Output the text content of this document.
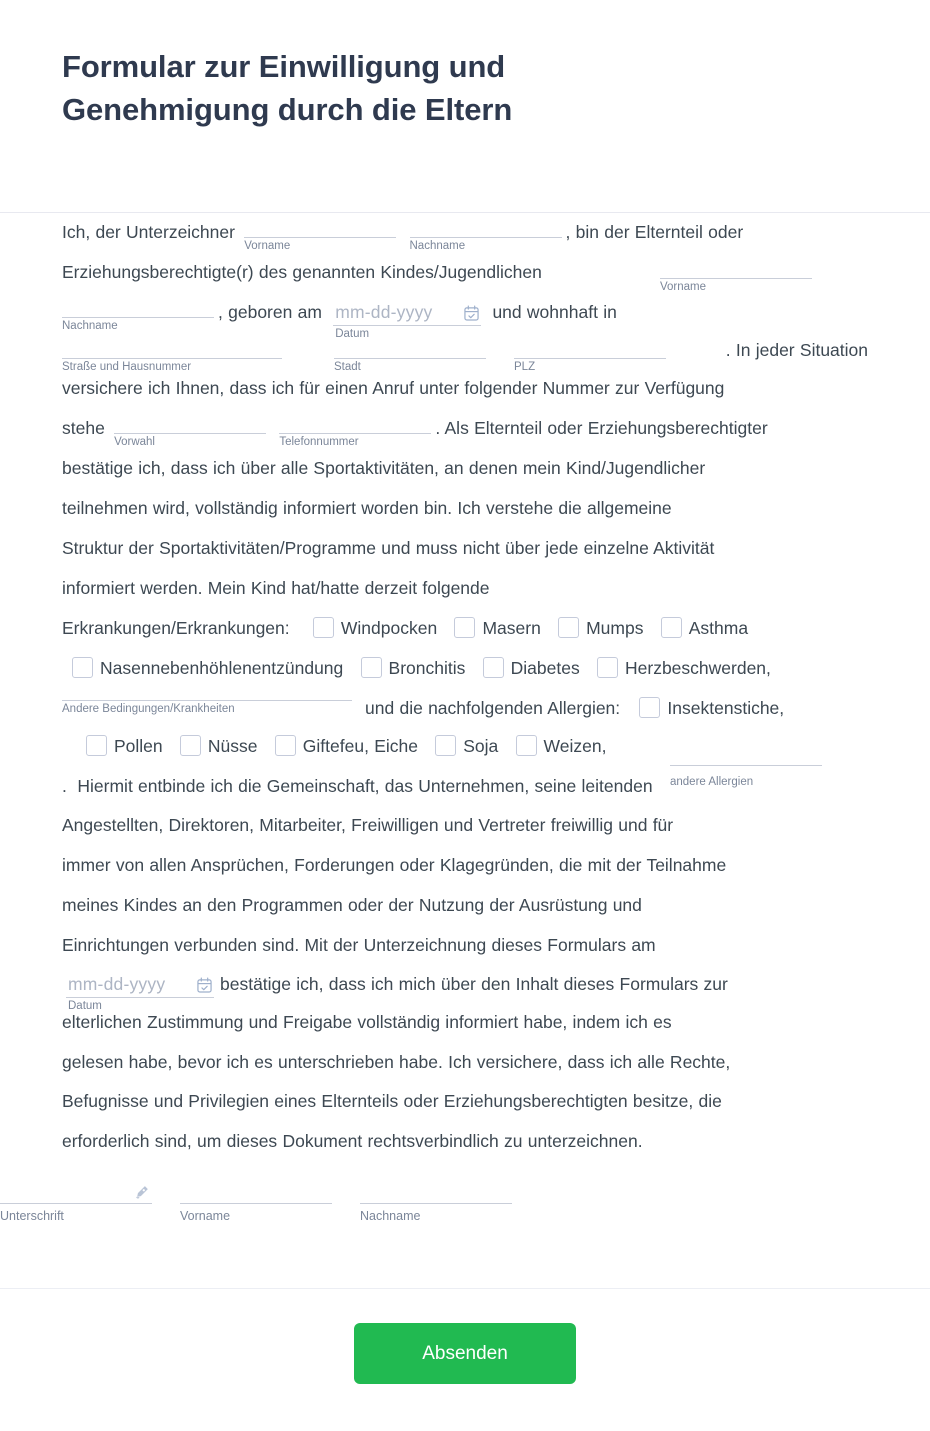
Formular zur Einwilligung und Genehmigung durch die Eltern
Ich, der Unterzeichner
Vorname
	Nachname
, bin der Elternteil oder
Erziehungsberechtigte(r) des genannten Kindes/Jugendlichen
Vorname
Nachname
, geboren am mm-dd-yyyy
Datum
und wohnhaft in
. In jeder Situation
Straße und Hausnummer	Stadt	PLZ
versichere ich Ihnen, dass ich für einen Anruf unter folgender Nummer zur Verfügung
stehe
Vorwahl
	Telefonnummer
. Als Elternteil oder Erziehungsberechtigter
bestätige ich, dass ich über alle Sportaktivitäten, an denen mein Kind/Jugendlicher
teilnehmen wird, vollständig informiert worden bin. Ich verstehe die allgemeine
Struktur der Sportaktivitäten/Programme und muss nicht über jede einzelne Aktivität
informiert werden. Mein Kind hat/hatte derzeit folgende
Erkrankungen/Erkrankungen:	Windpocken	Masern	Mumps	Asthma
Nasennebenhöhlenentzündung	Bronchitis	Diabetes	Herzbeschwerden,
Andere Bedingungen/Krankheiten	und die nachfolgenden Allergien:	Insektenstiche,
Pollen	Nüsse	Giftefeu, Eiche	Soja	Weizen,
andere Allergien
.  Hiermit entbinde ich die Gemeinschaft, das Unternehmen, seine leitenden
Angestellten, Direktoren, Mitarbeiter, Freiwilligen und Vertreter freiwillig und für
immer von allen Ansprüchen, Forderungen oder Klagegründen, die mit der Teilnahme
meines Kindes an den Programmen oder der Nutzung der Ausrüstung und
Einrichtungen verbunden sind. Mit der Unterzeichnung dieses Formulars am
mm-dd-yyyy
Datum
bestätige ich, dass ich mich über den Inhalt dieses Formulars zur
elterlichen Zustimmung und Freigabe vollständig informiert habe, indem ich es
gelesen habe, bevor ich es unterschrieben habe. Ich versichere, dass ich alle Rechte,
Befugnisse und Privilegien eines Elternteils oder Erziehungsberechtigten besitze, die
erforderlich sind, um dieses Dokument rechtsverbindlich zu unterzeichnen.
Unterschrift	Vorname	Nachname
Absenden
